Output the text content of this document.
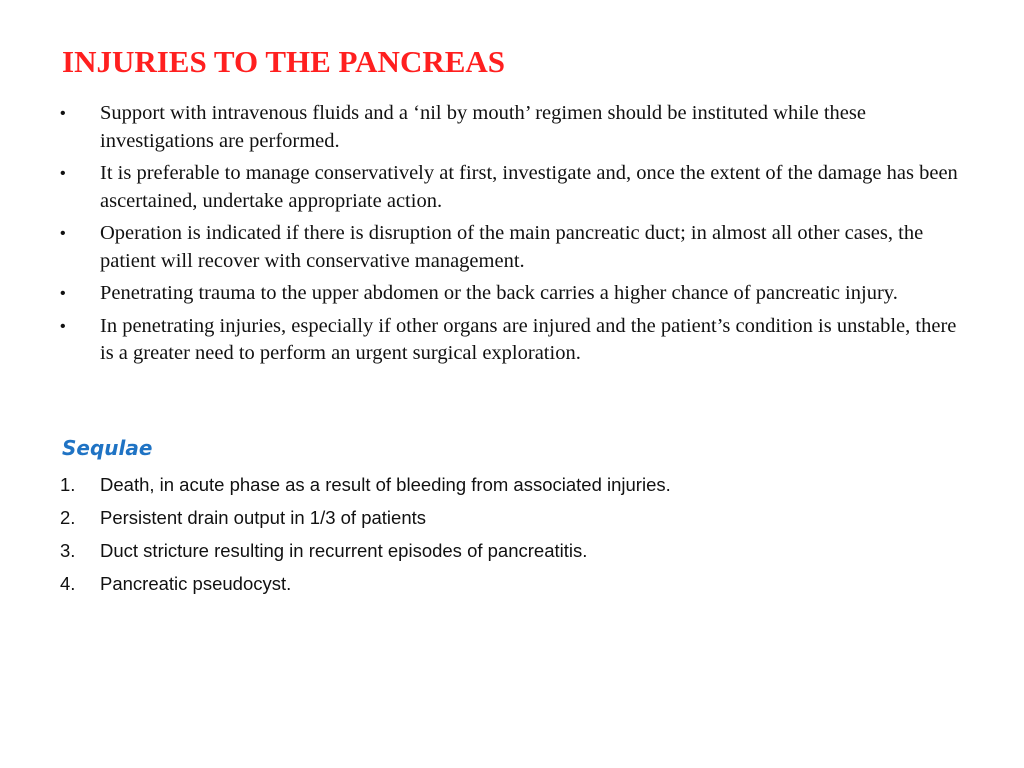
INJURIES TO THE PANCREAS
• Support with intravenous fluids and a ‘nil by mouth’ regimen should be instituted while these investigations are performed.
• It is preferable to manage conservatively at first, investigate and, once the extent of the damage has been ascertained, undertake appropriate action.
• Operation is indicated if there is disruption of the main pancreatic duct; in almost all other cases, the patient will recover with conservative management.
• Penetrating trauma to the upper abdomen or the back carries a higher chance of pancreatic injury.
• In penetrating injuries, especially if other organs are injured and the patient’s condition is unstable, there is a greater need to perform an urgent surgical exploration.
Sequlae
1. Death, in acute phase as a result of bleeding from associated injuries.
2. Persistent drain output in 1/3 of patients
3. Duct stricture resulting in recurrent episodes of pancreatitis.
4. Pancreatic pseudocyst.
